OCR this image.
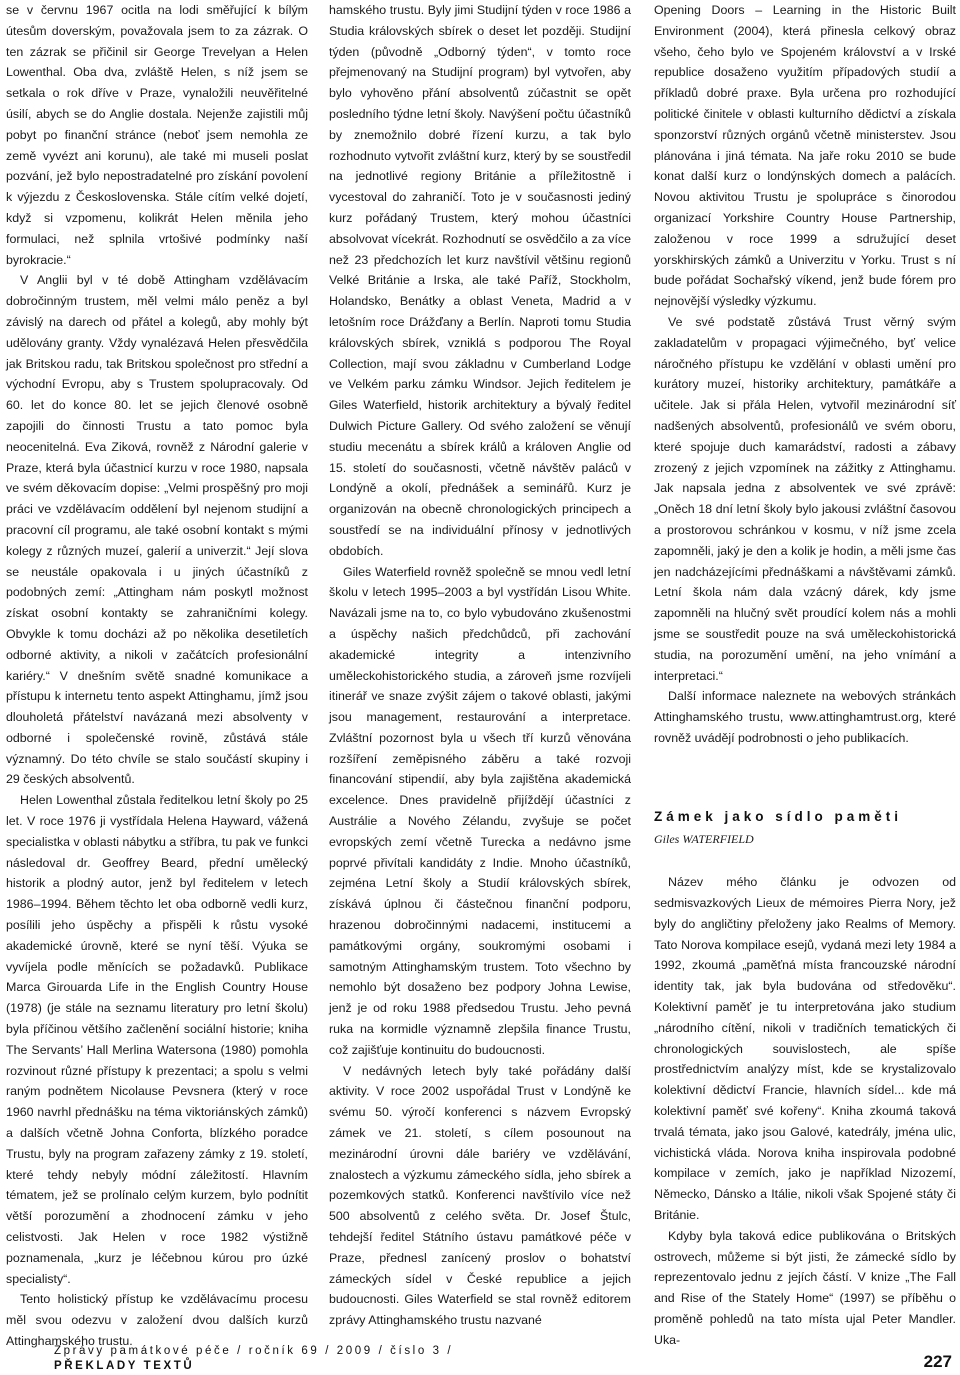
se v červnu 1967 ocitla na lodi směřující k bílým útesům doverským, považovala jsem to za zázrak. O ten zázrak se přičinil sir George Trevelyan a Helen Lowenthal. Oba dva, zvláště Helen, s níž jsem se setkala o rok dříve v Praze, vynaložili neuvěřitelné úsilí, abych se do Anglie dostala. Nejenže zajistili můj pobyt po finanční stránce (neboť jsem nemohla ze země vyvézt ani korunu), ale také mi museli poslat pozvání, jež bylo nepostradatelné pro získání povolení k výjezdu z Československa. Stále cítím velké dojetí, když si vzpomenu, kolikrát Helen měnila jeho formulaci, než splnila vrtošivé podmínky naší byrokracie.“

V Anglii byl v té době Attingham vzdělávacím dobročinným trustem, měl velmi málo peněz a byl závislý na darech od přátel a kolegů, aby mohly být udělovány granty. Vždy vynalézavá Helen přesvědčila jak Britskou radu, tak Britskou společnost pro střední a východní Evropu, aby s Trustem spolupracovaly. Od 60. let do konce 80. let se jejich členové osobně zapojili do činnosti Trustu a tato pomoc byla neocenitelná. Eva Ziková, rovněž z Národní galerie v Praze, která byla účastnicí kurzu v roce 1980, napsala ve svém děkovacím dopise: „Velmi prospěšný pro moji práci ve vzdělávacím oddělení byl nejenom studijní a pracovní cíl programu, ale také osobní kontakt s mými kolegy z různých muzeí, galerií a univerzit.“ Její slova se neustále opakovala i u jiných účastníků z podobných zemí: „Attingham nám poskytl možnost získat osobní kontakty se zahraničními kolegy. Obvykle k tomu docházi až po několika desetiletích odborné aktivity, a nikoli v začátcích profesionální kariéry.“ V dnešním světě snadné komunikace a přístupu k internetu tento aspekt Attinghamu, jímž jsou dlouholetá přátelství navázaná mezi absolventy v odborné i společenské rovině, zůstává stále významný. Do této chvíle se stalo součástí skupiny i 29 českých absolventů.

Helen Lowenthal zůstala ředitelkou letní školy po 25 let. V roce 1976 ji vystřídala Helena Hayward, vážená specialistka v oblasti nábytku a stříbra, tu pak ve funkci následoval dr. Geoffrey Beard, přední umělecký historik a plodný autor, jenž byl ředitelem v letech 1986–1994. Během těchto let oba odborně vedli kurz, posílili jeho úspěchy a přispěli k růstu vysoké akademické úrovně, které se nyní těší. Výuka se vyvíjela podle měnících se požadavků. Publikace Marca Girouarda Life in the English Country House (1978) (je stále na seznamu literatury pro letní školu) byla příčinou většího začlenění sociální historie; kniha The Servants’ Hall Merlina Watersona (1980) pomohla rozvinout různé přístupy k prezentaci; a spolu s velmi raným podnětem Nicolause Pevsnera (který v roce 1960 navrhl přednášku na téma viktoriánských zámků) a dalších včetně Johna Conforta, blízkého poradce Trustu, byly na program zařazeny zámky z 19. století, které tehdy nebyly módní záležitostí. Hlavním tématem, jež se prolínalo celým kurzem, bylo podnítit větší porozumění a zhodnocení zámku v jeho celistvosti. Jak Helen v roce 1982 výstižně poznamenala, „kurz je léčebnou kúrou pro úzké specialisty“.

Tento holistický přístup ke vzdělávacímu procesu měl svou odezvu v založení dvou dalších kurzů Attinghamského trustu.

hamského trustu. Byly jimi Studijní týden v roce 1986 a Studia královských sbírek o deset let později. Studijní týden (původně „Odborný týden“, v tomto roce přejmenovaný na Studijní program) byl vytvořen, aby bylo vyhověno přání absolventů zúčastnit se opět posledního týdne letní školy. Navýšení počtu účastníků by znemožnilo dobré řízení kurzu, a tak bylo rozhodnuto vytvořit zvláštní kurz, který by se soustředil na jednotlivé regiony Británie a příležitostně i vycestoval do zahraničí. Toto je v současnosti jediný kurz pořádaný Trustem, který mohou účastníci absolvovat vícekrát. Rozhodnutí se osvědčilo a za více než 23 předchozích let kurz navštívil většinu regionů Velké Británie a Irska, ale také Paříž, Stockholm, Holandsko, Benátky a oblast Veneta, Madrid a v letošním roce Drážďany a Berlín. Naproti tomu Studia královských sbírek, vzniklá s podporou The Royal Collection, mají svou základnu v Cumberland Lodge ve Velkém parku zámku Windsor. Jejich ředitelem je Giles Waterfield, historik architektury a bývalý ředitel Dulwich Picture Gallery. Od svého založení se věnují studiu mecenátu a sbírek králů a královen Anglie od 15. století do současnosti, včetně návštěv paláců v Londýně a okolí, přednášek a seminářů. Kurz je organizován na obecně chronologických principech a soustředí se na individuální přínosy v jednotlivých obdobích.

Giles Waterfield rovněž společně se mnou vedl letní školu v letech 1995–2003 a byl vystřídán Lisou White. Navázali jsme na to, co bylo vybudováno zkušenostmi a úspěchy našich předchůdců, při zachování akademické integrity a intenzivního uměleckohistorického studia, a zároveň jsme rozvíjeli itinerář ve snaze zvýšit zájem o takové oblasti, jakými jsou management, restaurování a interpretace. Zvláštní pozornost byla u všech tří kurzů věnována rozšíření zeměpisného záběru a také rozvoji financování stipendií, aby byla zajištěna akademická excelence. Dnes pravidelně přijíždějí účastníci z Austrálie a Nového Zélandu, zvyšuje se počet evropských zemí včetně Turecka a nedávno jsme poprvé přivítali kandidáty z Indie. Mnoho účastníků, zejména Letní školy a Studií královských sbírek, získává úplnou či částečnou finanční podporu, hrazenou dobročinnými nadacemi, institucemi a památkovými orgány, soukromými osobami i samotným Attinghamským trustem. Toto všechno by nemohlo být dosaženo bez podpory Johna Lewise, jenž je od roku 1988 předsedou Trustu. Jeho pevná ruka na kormidle významně zlepšila finance Trustu, což zajišťuje kontinuitu do budoucnosti.

V nedávných letech byly také pořádány další aktivity. V roce 2002 uspořádal Trust v Londýně ke svému 50. výročí konferenci s názvem Evropský zámek ve 21. století, s cílem posounout na mezinárodní úrovni dále bariéry ve vzdělávání, znalostech a výzkumu zámeckého sídla, jeho sbírek a pozemkových statků. Konferenci navštívilo více než 500 absolventů z celého světa. Dr. Josef Štulc, tehdejší ředitel Státního ústavu památkové péče v Praze, přednesl zanícený proslov o bohatství zámeckých sídel v České republice a jejich budoucnosti. Giles Waterfield se stal rovněž editorem zprávy Attinghamského trustu nazvané

Opening Doors – Learning in the Historic Built Environment (2004), která přinesla celkový obraz všeho, čeho bylo ve Spojeném království a v Irské republice dosaženo využitím případových studií a příkladů dobré praxe. Byla určena pro rozhodující politické činitele v oblasti kulturního dědictví a získala sponzorství různých orgánů včetně ministerstev. Jsou plánována i jiná témata. Na jaře roku 2010 se bude konat další kurz o londýnských domech a palácích. Novou aktivitou Trustu je spolupráce s činorodou organizací Yorkshire Country House Partnership, založenou v roce 1999 a sdružující deset yorskhirských zámků a Univerzitu v Yorku. Trust s ní bude pořádat Sochařský víkend, jenž bude fórem pro nejnovější výsledky výzkumu.

Ve své podstatě zůstává Trust věrný svým zakladatelům v propagaci výjimečného, byť velice náročného přístupu ke vzdělání v oblasti umění pro kurátory muzeí, historiky architektury, památkáře a učitele. Jak si přála Helen, vytvořil mezinárodní síť nadšených absolventů, profesionálů ve svém oboru, které spojuje duch kamarádství, radosti a zábavy zrozený z jejich vzpomínek na zážitky z Attinghamu. Jak napsala jedna z absolventek ve své zprávě: „Oněch 18 dní letní školy bylo jakousi zvláštní časovou a prostorovou schránkou v kosmu, v níž jsme zcela zapomněli, jaký je den a kolik je hodin, a měli jsme čas jen nadcházejícími přednáškami a návštěvami zámků. Letní škola nám dala vzácný dárek, kdy jsme zapomněli na hlučný svět proudící kolem nás a mohli jsme se soustředit pouze na svá uměleckohistorická studia, na porozumění umění, na jeho vnímání a interpretaci.“

Další informace naleznete na webových stránkách Attinghamského trustu, www.attinghamtrust.org, které rovněž uvádějí podrobnosti o jeho publikacích.

Zámek jako sídlo paměti
Giles WATERFIELD

Název mého článku je odvozen od sedmisvazkových Lieux de mémoires Pierra Nory, jež byly do angličtiny přeloženy jako Realms of Memory. Tato Norova kompilace esejů, vydaná mezi lety 1984 a 1992, zkoumá „paměťná místa francouzské národní identity tak, jak byla budována od středověku“. Kolektivní paměť je tu interpretována jako studium „národního cítění, nikoli v tradičních tematických či chronologických souvislostech, ale spíše prostřednictvím analýzy míst, kde se krystalizovalo kolektivní dědictví Francie, hlavních sídel... kde má kolektivní paměť své kořeny“. Kniha zkoumá taková trvalá témata, jako jsou Galové, katedrály, jména ulic, vichistická vláda. Norova kniha inspirovala podobné kompilace v zemích, jako je například Nizozemí, Německo, Dánsko a Itálie, nikoli však Spojené státy či Británie.

Kdyby byla taková edice publikována o Britských ostrovech, můžeme si být jisti, že zámecké sídlo by reprezentovalo jednu z jejích částí. V knize „The Fall and Rise of the Stately Home“ (1997) se příběhu o proměně pohledů na tato místa ujal Peter Mandler. Uka-

Zprávy památkové péče / ročník 69 / 2009 / číslo 3 /
PŘEKLADY TEXTŮ	227
